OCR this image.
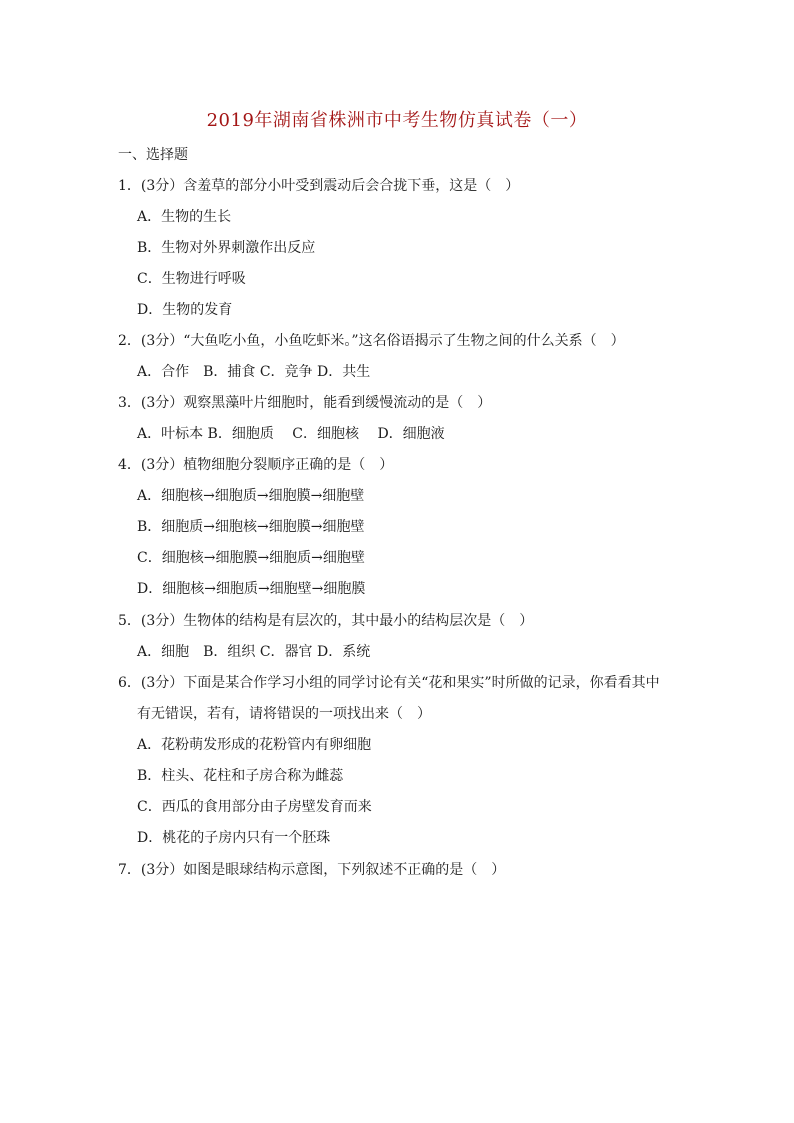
2019年湖南省株洲市中考生物仿真试卷（一）
一、选择题
1．(3分）含羞草的部分小叶受到震动后会合拢下垂，这是（　）
A．生物的生长
B．生物对外界刺激作出反应
C．生物进行呼吸
D．生物的发育
2．(3分）“大鱼吃小鱼，小鱼吃虾米。”这名俗语揭示了生物之间的什么关系（　）
A．合作　B．捕食 C．竞争 D．共生
3．(3分）观察黑藻叶片细胞时，能看到缓慢流动的是（　）
A．叶标本 B．细胞质　 C．细胞核　 D．细胞液
4．(3分）植物细胞分裂顺序正确的是（　）
A．细胞核→细胞质→细胞膜→细胞壁
B．细胞质→细胞核→细胞膜→细胞壁
C．细胞核→细胞膜→细胞质→细胞壁
D．细胞核→细胞质→细胞壁→细胞膜
5．(3分）生物体的结构是有层次的，其中最小的结构层次是（　）
A．细胞　B．组织 C．器官 D．系统
6．(3分）下面是某合作学习小组的同学讨论有关“花和果实”时所做的记录，你看看其中
有无错误，若有，请将错误的一项找出来（　）
A．花粉萌发形成的花粉管内有卵细胞
B．柱头、花柱和子房合称为雌蕊
C．西瓜的食用部分由子房壁发育而来
D．桃花的子房内只有一个胚珠
7．(3分）如图是眼球结构示意图，下列叙述不正确的是（　）
